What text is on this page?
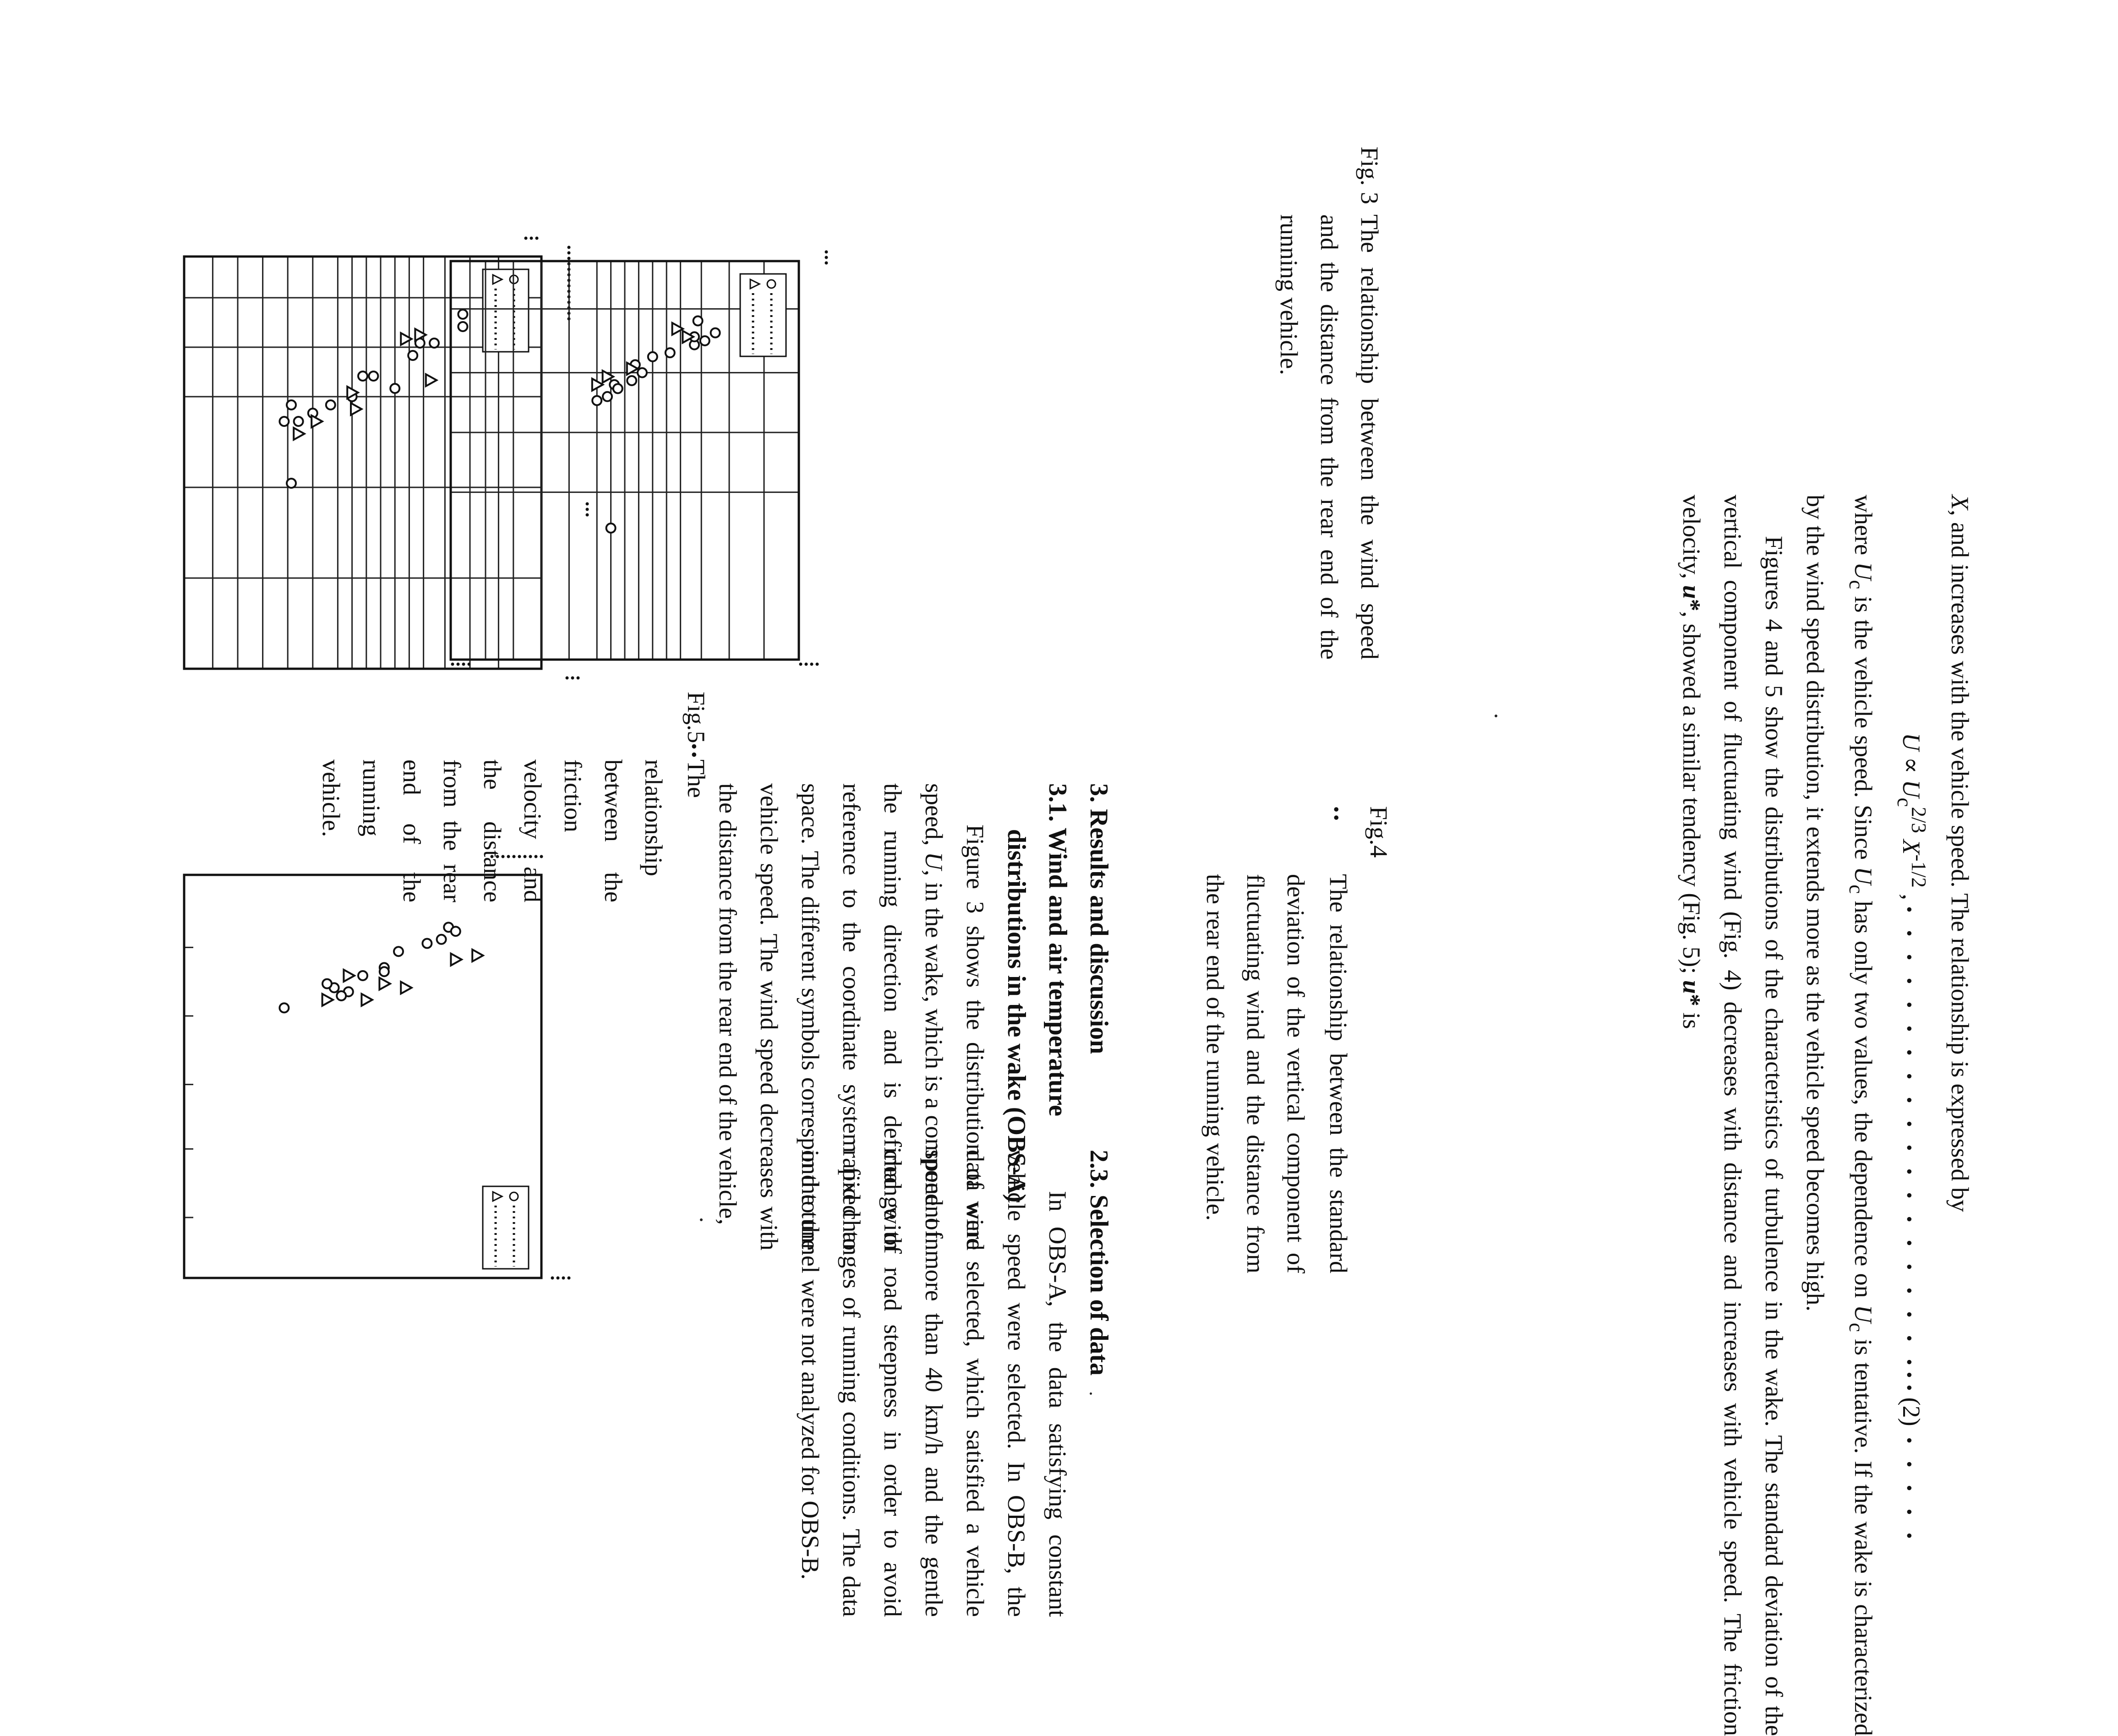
Fig. 3The relationship between the wind speed and the distance from the rear end of the running vehicle.

Fig.4 ••The relationship between the standard deviation of the vertical component of fluctuating wind and the distance from the rear end of the running vehicle.

Fig.5••The relationship between the friction velocity and the distance from the rear end of the running vehicle.

2.3. Selection of data

In OBS-A, the data satisfying constant vehicle speed were selected. In OBS-B, the data were selected, which satisfied a vehicle speed of more than 40 km/h and the gentle change of road steepness in order to avoid rapid changes of running conditions. The data in the tunnel were not analyzed for OBS-B.

3. Results and discussion

3.1. Wind and air temperature distributions in the wake (OBS-A)

Figure 3 shows the distribution of wind speed, U, in the wake, which is a component in the running direction and is defined with reference to the coordinate system fixed to space. The different symbols correspond to the vehicle speed. The wind speed decreases with the distance from the rear end of the vehicle,

X, and increases with the vehicle speed. The relationship is expressed by

$U \propto U_c^{2/3}$ $X^{-1/2}$ , • • • • • • • • • • • • • • • • • • • •••(2) • • • • •

where $U_c$ is the vehicle speed. Since $U_c$ has only two values, the dependence on $U_c$ is tentative. If the wake is characterized by the wind speed distribution, it extends more as the vehicle speed becomes high.

Figures 4 and 5 show the distributions of the characteristics of turbulence in the wake. The standard deviation of the vertical component of fluctuating wind (Fig. 4) decreases with distance and increases with vehicle speed. The friction velocity, u*, showed a similar tendency (Fig. 5); u* is
